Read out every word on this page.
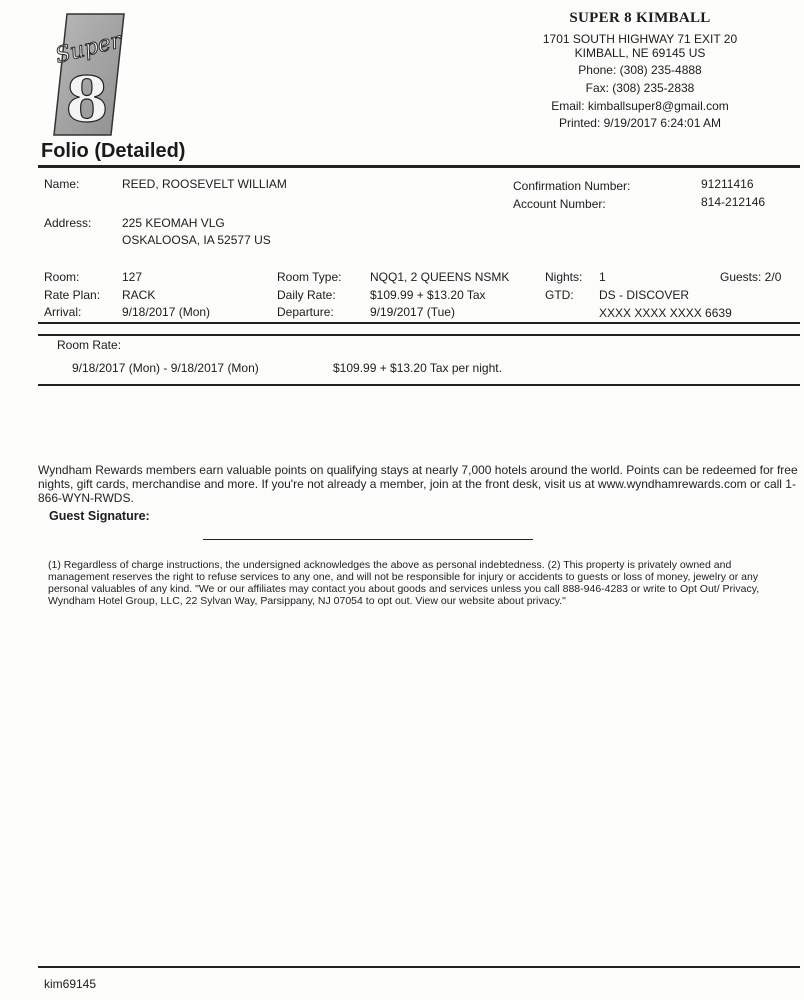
Super
8
SUPER 8 KIMBALL
1701 SOUTH HIGHWAY 71 EXIT 20
KIMBALL, NE 69145 US
Phone: (308) 235-4888
Fax: (308) 235-2838
Email: kimballsuper8@gmail.com
Printed: 9/19/2017 6:24:01 AM
Folio (Detailed)
Name:	REED, ROOSEVELT WILLIAM	Confirmation Number:	91211416
Account Number:	814-212146
Address:	225 KEOMAH VLG
OSKALOOSA, IA 52577 US
Room:	127	Room Type: NQQ1, 2 QUEENS NSMK	Nights: 1	Guests: 2/0
Rate Plan: RACK	Daily Rate:	$109.99 + $13.20 Tax	GTD: DS - DISCOVER
Arrival:	9/18/2017 (Mon)	Departure:	9/19/2017 (Tue)	XXXX XXXX XXXX 6639
Room Rate:
9/18/2017 (Mon) - 9/18/2017 (Mon)	$109.99 + $13.20 Tax per night.
Wyndham Rewards members earn valuable points on qualifying stays at nearly 7,000 hotels around the world. Points can be redeemed for free nights, gift cards, merchandise and more. If you're not already a member, join at the front desk, visit us at www.wyndhamrewards.com or call 1-866-WYN-RWDS.
Guest Signature:
(1) Regardless of charge instructions, the undersigned acknowledges the above as personal indebtedness. (2) This property is privately owned and management reserves the right to refuse services to any one, and will not be responsible for injury or accidents to guests or loss of money, jewelry or any personal valuables of any kind. "We or our affiliates may contact you about goods and services unless you call 888-946-4283 or write to Opt Out/ Privacy, Wyndham Hotel Group, LLC, 22 Sylvan Way, Parsippany, NJ 07054 to opt out. View our website about privacy."
kim69145
